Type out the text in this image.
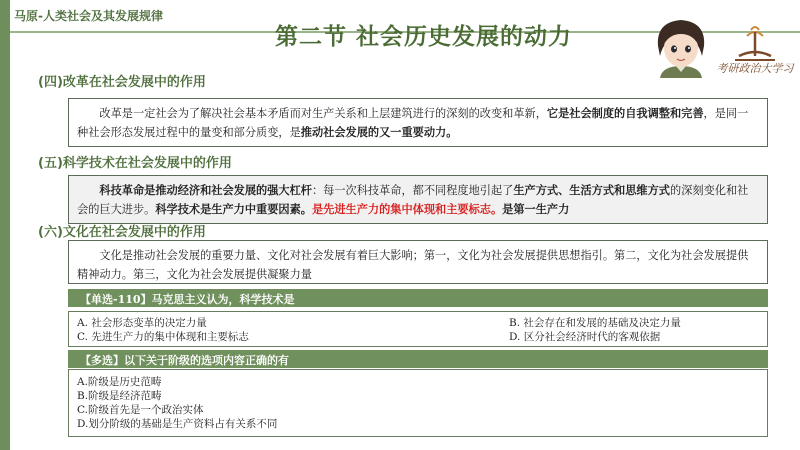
马原-人类社会及其发展规律
第二节 社会历史发展的动力
考研政治大学习
(四)改革在社会发展中的作用
改革是一定社会为了解决社会基本矛盾而对生产关系和上层建筑进行的深刻的改变和革新，它是社会制度的自我调整和完善，是同一种社会形态发展过程中的量变和部分质变，是推动社会发展的又一重要动力。
(五)科学技术在社会发展中的作用
科技革命是推动经济和社会发展的强大杠杆：每一次科技革命，都不同程度地引起了生产方式、生活方式和思维方式的深刻变化和社会的巨大进步。科学技术是生产力中重要因素。是先进生产力的集中体现和主要标志。是第一生产力
(六)文化在社会发展中的作用
文化是推动社会发展的重要力量、文化对社会发展有着巨大影响；第一，文化为社会发展提供思想指引。第二，文化为社会发展提供精神动力。第三，文化为社会发展提供凝聚力量
【单选-110】马克思主义认为，科学技术是
A. 社会形态变革的决定力量	B. 社会存在和发展的基础及决定力量
C. 先进生产力的集中体现和主要标志	D. 区分社会经济时代的客观依据
【多选】以下关于阶级的选项内容正确的有
A.阶级是历史范畴
B.阶级是经济范畴
C.阶级首先是一个政治实体
D.划分阶级的基础是生产资料占有关系不同
